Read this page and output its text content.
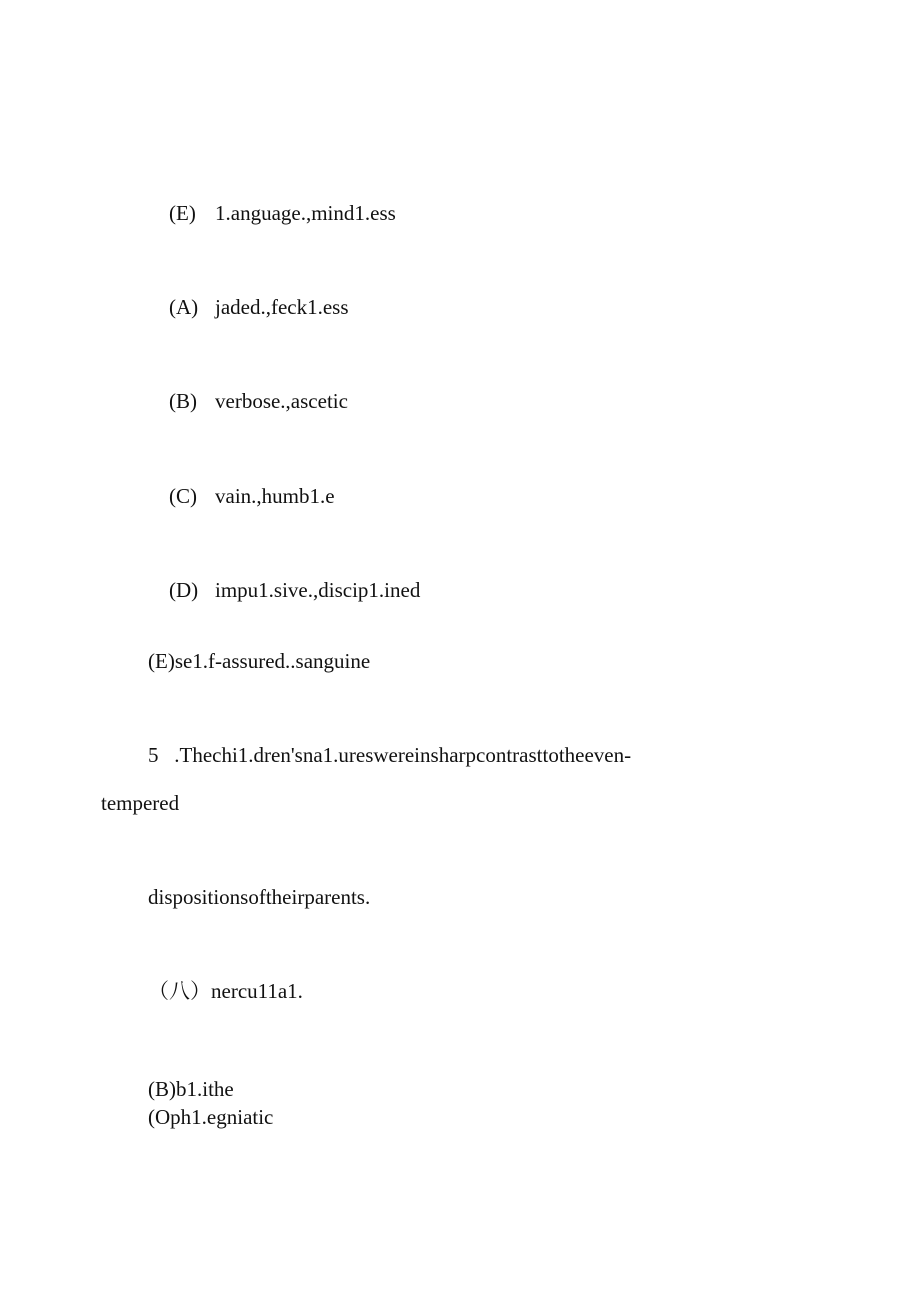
(E) 1.anguage.,mind1.ess

(A) jaded.,feck1.ess

(B) verbose.,ascetic

(C) vain.,humb1.e

(D) impu1.sive.,discip1.ined

(E)se1.f-assured..sanguine
5   .Thechi1.dren'sna1.ureswereinsharpcontrasttotheeven-
tempered
dispositionsoftheirparents.
（八）nercu11a1.
(B)b1.ithe
(Oph1.egniatic
